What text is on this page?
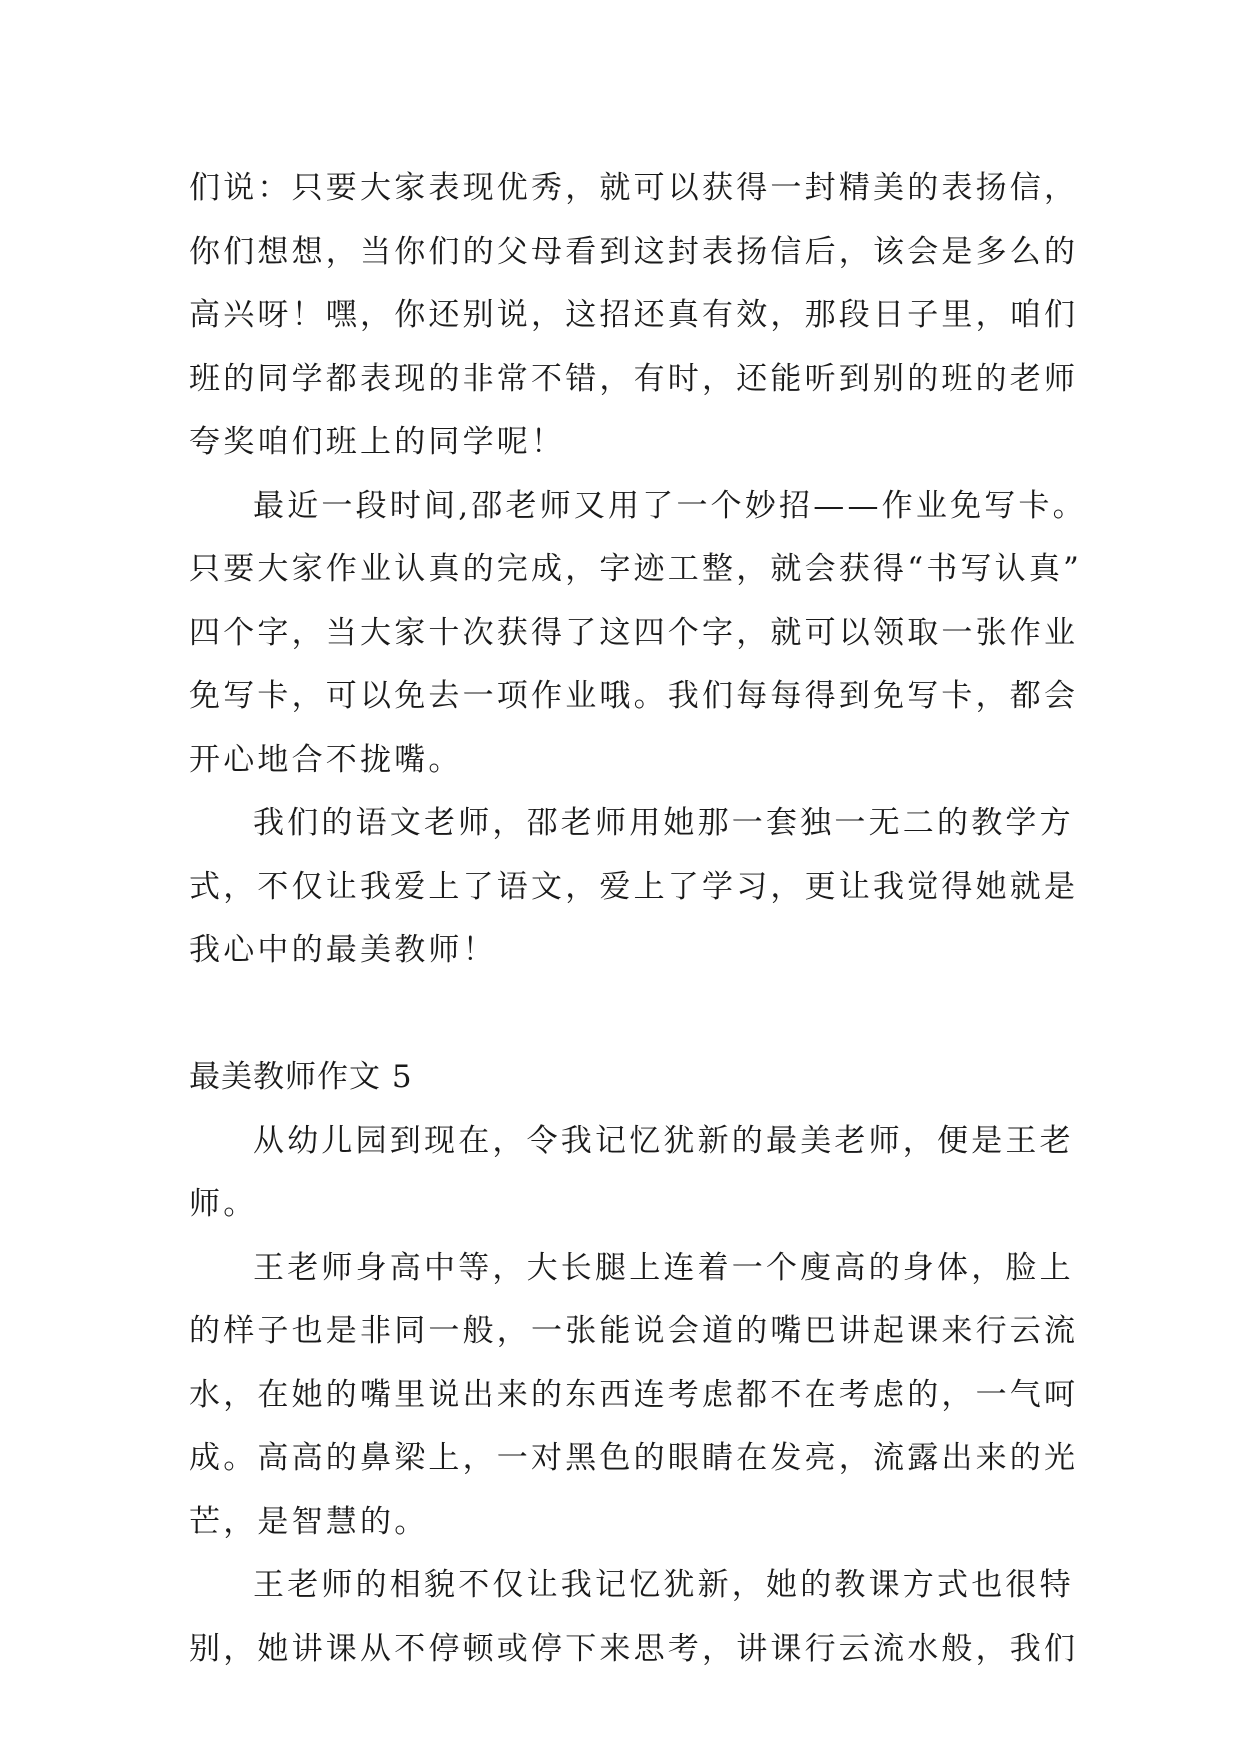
们说：只要大家表现优秀，就可以获得一封精美的表扬信，
你们想想，当你们的父母看到这封表扬信后，该会是多么的
高兴呀！嘿，你还别说，这招还真有效，那段日子里，咱们
班的同学都表现的非常不错，有时，还能听到别的班的老师
夸奖咱们班上的同学呢！
最近一段时间,邵老师又用了一个妙招——作业免写卡。
只要大家作业认真的完成，字迹工整，就会获得“书写认真”
四个字，当大家十次获得了这四个字，就可以领取一张作业
免写卡，可以免去一项作业哦。我们每每得到免写卡，都会
开心地合不拢嘴。
我们的语文老师，邵老师用她那一套独一无二的教学方
式，不仅让我爱上了语文，爱上了学习，更让我觉得她就是
我心中的最美教师！
最美教师作文 5
从幼儿园到现在，令我记忆犹新的最美老师，便是王老
师。
王老师身高中等，大长腿上连着一个廋高的身体，脸上
的样子也是非同一般，一张能说会道的嘴巴讲起课来行云流
水，在她的嘴里说出来的东西连考虑都不在考虑的，一气呵
成。高高的鼻梁上，一对黑色的眼睛在发亮，流露出来的光
芒，是智慧的。
王老师的相貌不仅让我记忆犹新，她的教课方式也很特
别，她讲课从不停顿或停下来思考，讲课行云流水般，我们
